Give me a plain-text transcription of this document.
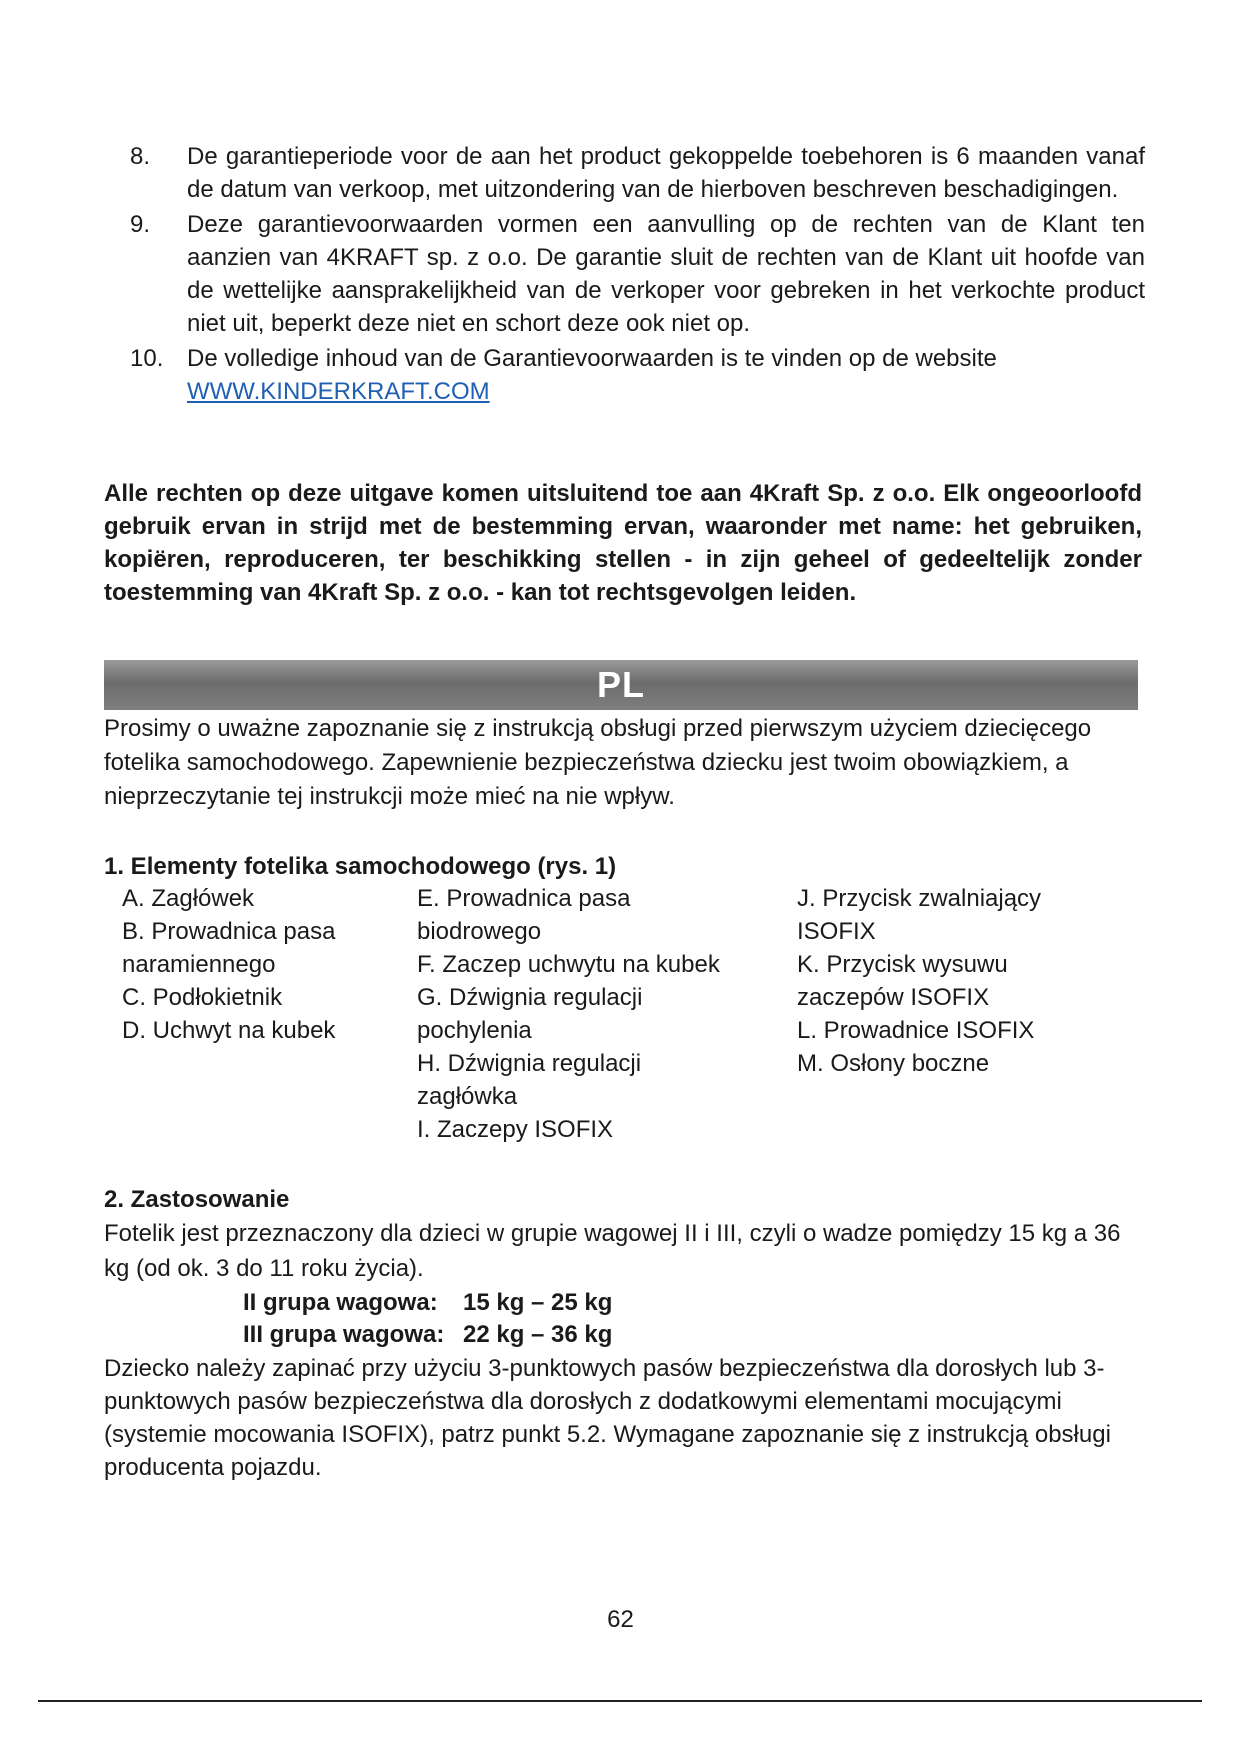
8.	De garantieperiode voor de aan het product gekoppelde toebehoren is 6 maanden vanaf de datum van verkoop, met uitzondering van de hierboven beschreven beschadigingen.
9.	Deze garantievoorwaarden vormen een aanvulling op de rechten van de Klant ten aanzien van 4KRAFT sp. z o.o. De garantie sluit de rechten van de Klant uit hoofde van de wettelijke aansprakelijkheid van de verkoper voor gebreken in het verkochte product niet uit, beperkt deze niet en schort deze ook niet op.
10. De volledige inhoud van de Garantievoorwaarden is te vinden op de website
WWW.KINDERKRAFT.COM
Alle rechten op deze uitgave komen uitsluitend toe aan 4Kraft Sp. z o.o. Elk ongeoorloofd gebruik ervan in strijd met de bestemming ervan, waaronder met name: het gebruiken, kopiëren, reproduceren, ter beschikking stellen - in zijn geheel of gedeeltelijk zonder toestemming van 4Kraft Sp. z o.o. - kan tot rechtsgevolgen leiden.
PL
Prosimy o uważne zapoznanie się z instrukcją obsługi przed pierwszym użyciem dziecięcego fotelika samochodowego. Zapewnienie bezpieczeństwa dziecku jest twoim obowiązkiem, a nieprzeczytanie tej instrukcji może mieć na nie wpływ.
1. Elementy fotelika samochodowego (rys. 1)
A. Zagłówek
B. Prowadnica pasa
naramiennego
C. Podłokietnik
D. Uchwyt na kubek
E. Prowadnica pasa
biodrowego
F. Zaczep uchwytu na kubek
G. Dźwignia regulacji
pochylenia
H. Dźwignia regulacji
zagłówka
I. Zaczepy ISOFIX
J. Przycisk zwalniający
ISOFIX
K. Przycisk wysuwu
zaczepów ISOFIX
L. Prowadnice ISOFIX
M. Osłony boczne
2. Zastosowanie
Fotelik jest przeznaczony dla dzieci w grupie wagowej II i III, czyli o wadze pomiędzy 15 kg a 36 kg (od ok. 3 do 11 roku życia).
II grupa wagowa: 15 kg – 25 kg
III grupa wagowa: 22 kg – 36 kg
Dziecko należy zapinać przy użyciu 3-punktowych pasów bezpieczeństwa dla dorosłych lub 3-punktowych pasów bezpieczeństwa dla dorosłych z dodatkowymi elementami mocującymi (systemie mocowania ISOFIX), patrz punkt 5.2. Wymagane zapoznanie się z instrukcją obsługi producenta pojazdu.
62
